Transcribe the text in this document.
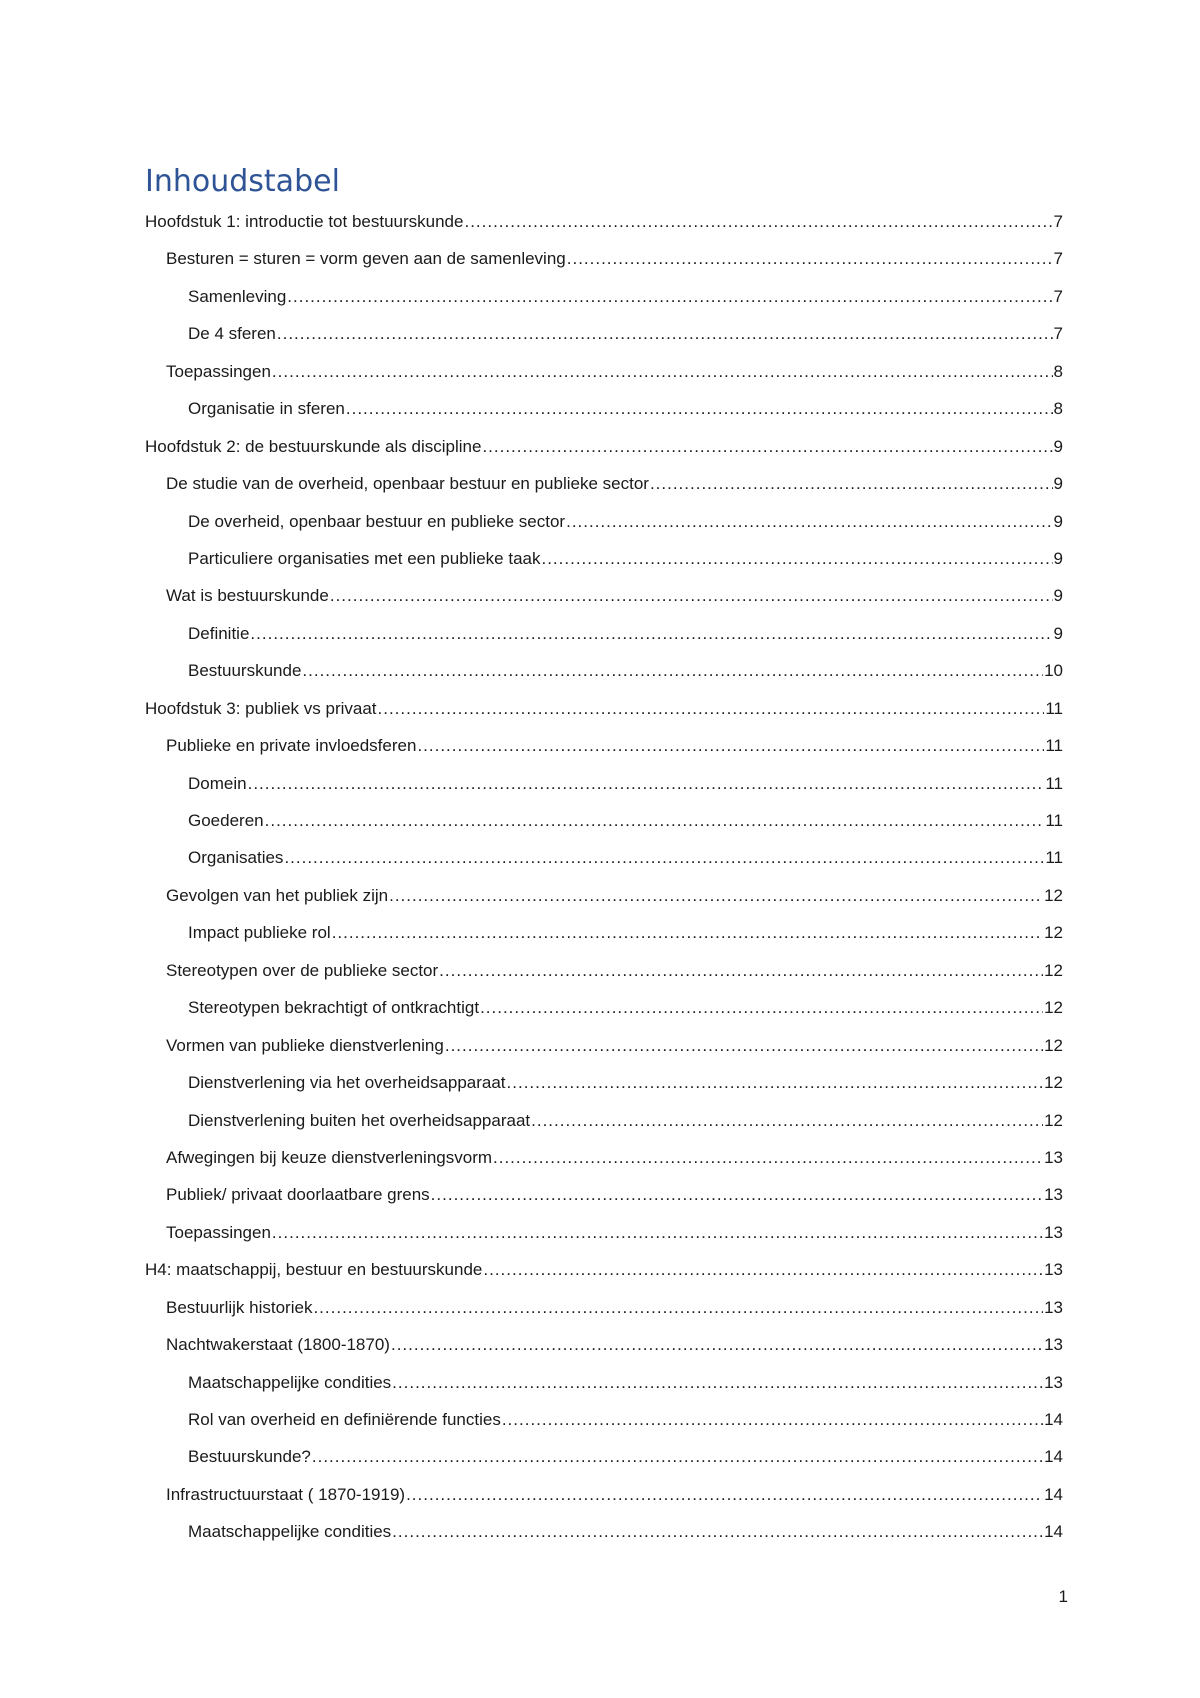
Inhoudstabel
Hoofdstuk 1: introductie tot bestuurskunde .....	7
Besturen = sturen = vorm geven aan de samenleving .....	7
Samenleving .....	7
De 4 sferen .....	7
Toepassingen .....	8
Organisatie in sferen .....	8
Hoofdstuk 2: de bestuurskunde als discipline .....	9
De studie van de overheid, openbaar bestuur en publieke sector .....	9
De overheid, openbaar bestuur en publieke sector .....	9
Particuliere organisaties met een publieke taak .....	9
Wat is bestuurskunde .....	9
Definitie .....	9
Bestuurskunde .....	10
Hoofdstuk 3: publiek vs privaat .....	11
Publieke en private invloedsferen .....	11
Domein .....	11
Goederen .....	11
Organisaties .....	11
Gevolgen van het publiek zijn .....	12
Impact publieke rol .....	12
Stereotypen over de publieke sector .....	12
Stereotypen bekrachtigt of ontkrachtigt .....	12
Vormen van publieke dienstverlening .....	12
Dienstverlening via het overheidsapparaat .....	12
Dienstverlening buiten het overheidsapparaat .....	12
Afwegingen bij keuze dienstverleningsvorm .....	13
Publiek/ privaat doorlaatbare grens .....	13
Toepassingen .....	13
H4: maatschappij, bestuur en bestuurskunde .....	13
Bestuurlijk historiek .....	13
Nachtwakerstaat (1800-1870) .....	13
Maatschappelijke condities .....	13
Rol van overheid en definiërende functies .....	14
Bestuurskunde? .....	14
Infrastructuurstaat ( 1870-1919) .....	14
Maatschappelijke condities .....	14
1
